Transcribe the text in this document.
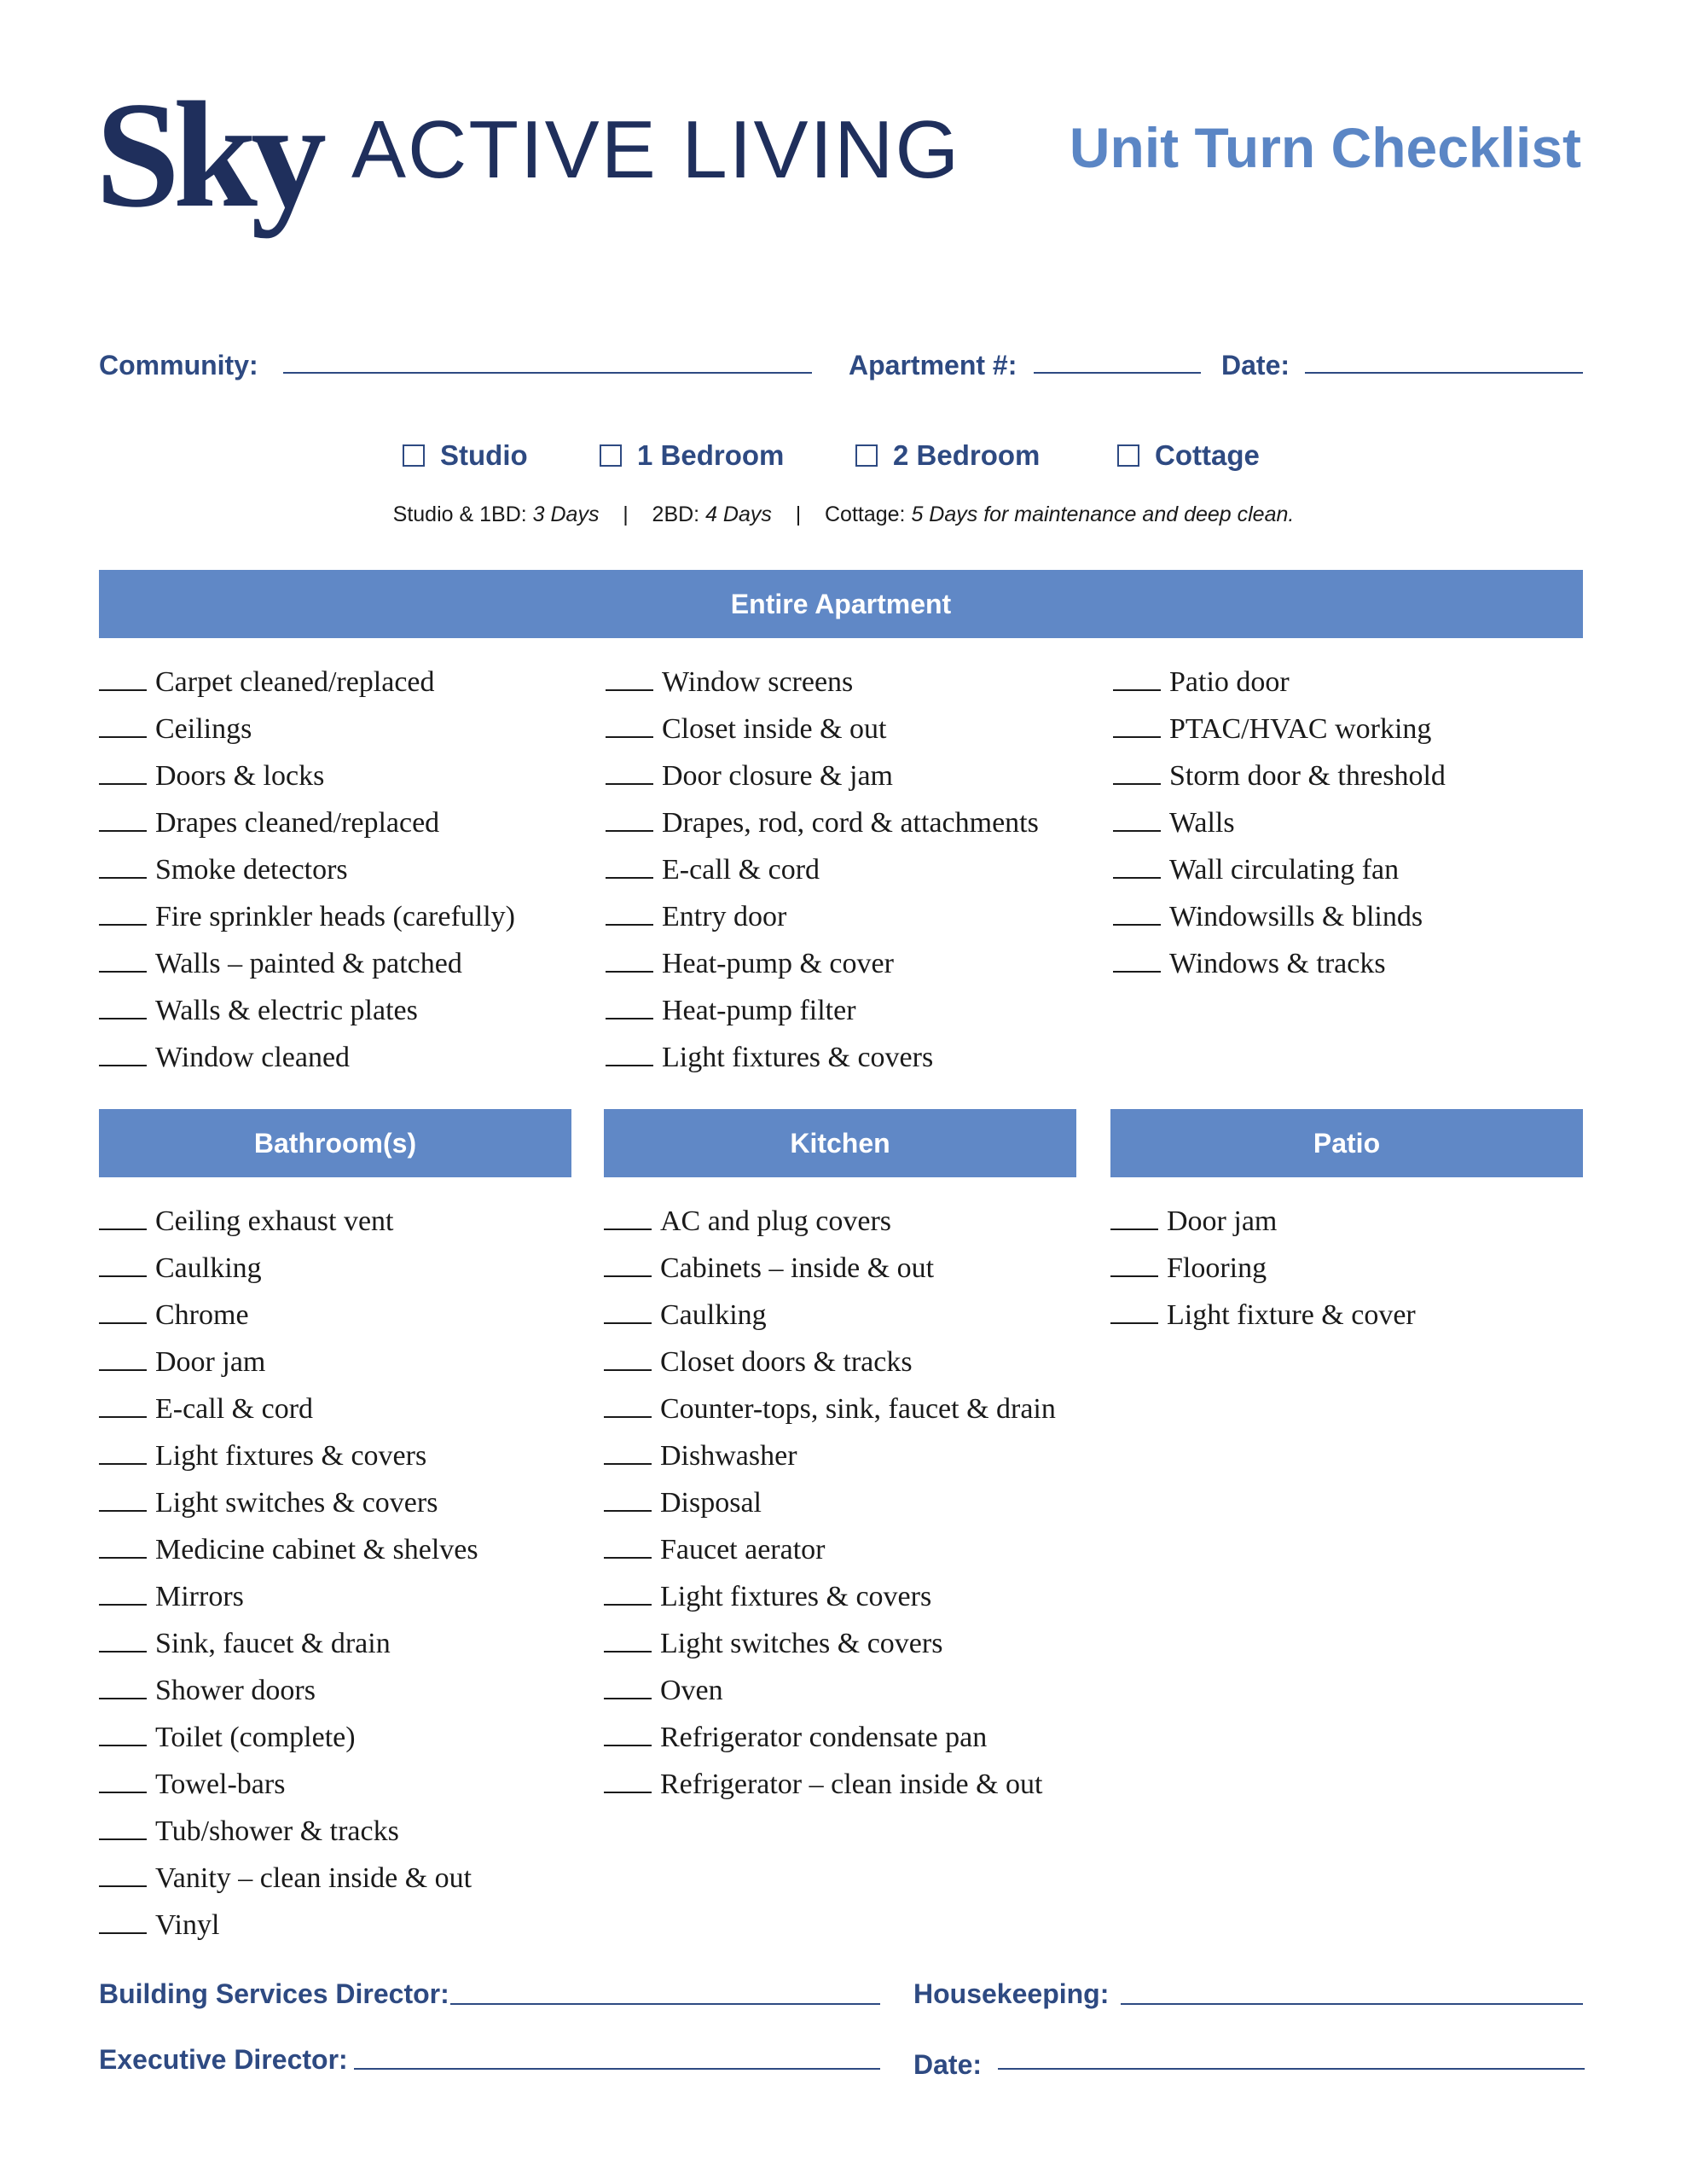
Sky ACTIVE LIVING Unit Turn Checklist
Community:	Apartment #:	Date:
Studio	1 Bedroom	2 Bedroom	Cottage
Studio & 1BD: 3 Days | 2BD: 4 Days | Cottage: 5 Days for maintenance and deep clean.
Entire Apartment
Carpet cleaned/replaced
Ceilings
Doors & locks
Drapes cleaned/replaced
Smoke detectors
Fire sprinkler heads (carefully)
Walls – painted & patched
Walls & electric plates
Window cleaned
Window screens
Closet inside & out
Door closure & jam
Drapes, rod, cord & attachments
E-call & cord
Entry door
Heat-pump & cover
Heat-pump filter
Light fixtures & covers
Patio door
PTAC/HVAC working
Storm door & threshold
Walls
Wall circulating fan
Windowsills & blinds
Windows & tracks
Bathroom(s)	Kitchen	Patio
Ceiling exhaust vent
Caulking
Chrome
Door jam
E-call & cord
Light fixtures & covers
Light switches & covers
Medicine cabinet & shelves
Mirrors
Sink, faucet & drain
Shower doors
Toilet (complete)
Towel-bars
Tub/shower & tracks
Vanity – clean inside & out
Vinyl
AC and plug covers
Cabinets – inside & out
Caulking
Closet doors & tracks
Counter-tops, sink, faucet & drain
Dishwasher
Disposal
Faucet aerator
Light fixtures & covers
Light switches & covers
Oven
Refrigerator condensate pan
Refrigerator – clean inside & out
Door jam
Flooring
Light fixture & cover
Building Services Director:	Housekeeping:
Executive Director:	Date:
